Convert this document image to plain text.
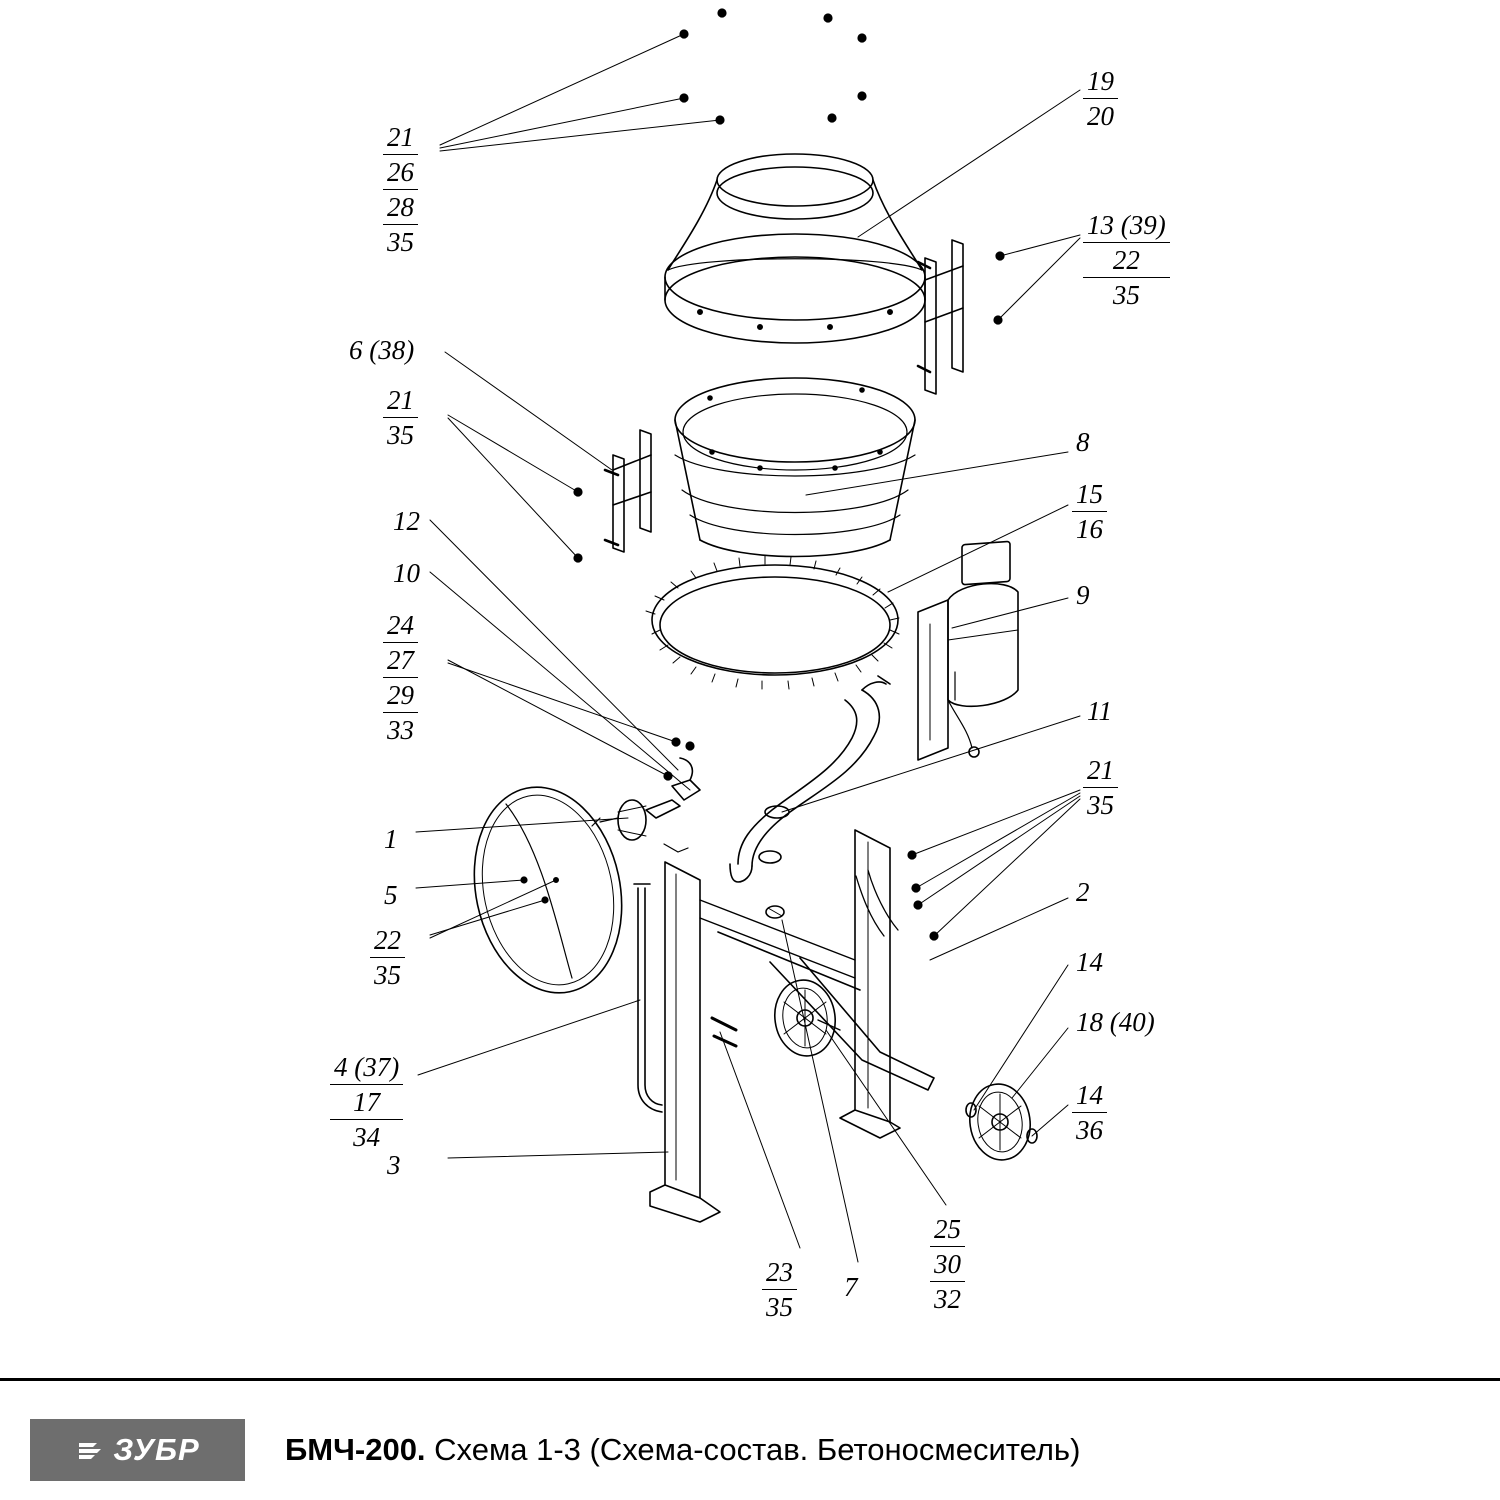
21
26
28
35
19
20
13 (39)
22
35
6 (38)
21
35	8
15
16
12
10
9
24
27
29
33
11
21
35
1
5	2
22
35	14
18 (40)
4 (37)
17
34
14
36
3
25
30
32
23
35
7
ЗУБР	БМЧ-200. Схема 1-3 (Схема-состав. Бетоносмеситель)
